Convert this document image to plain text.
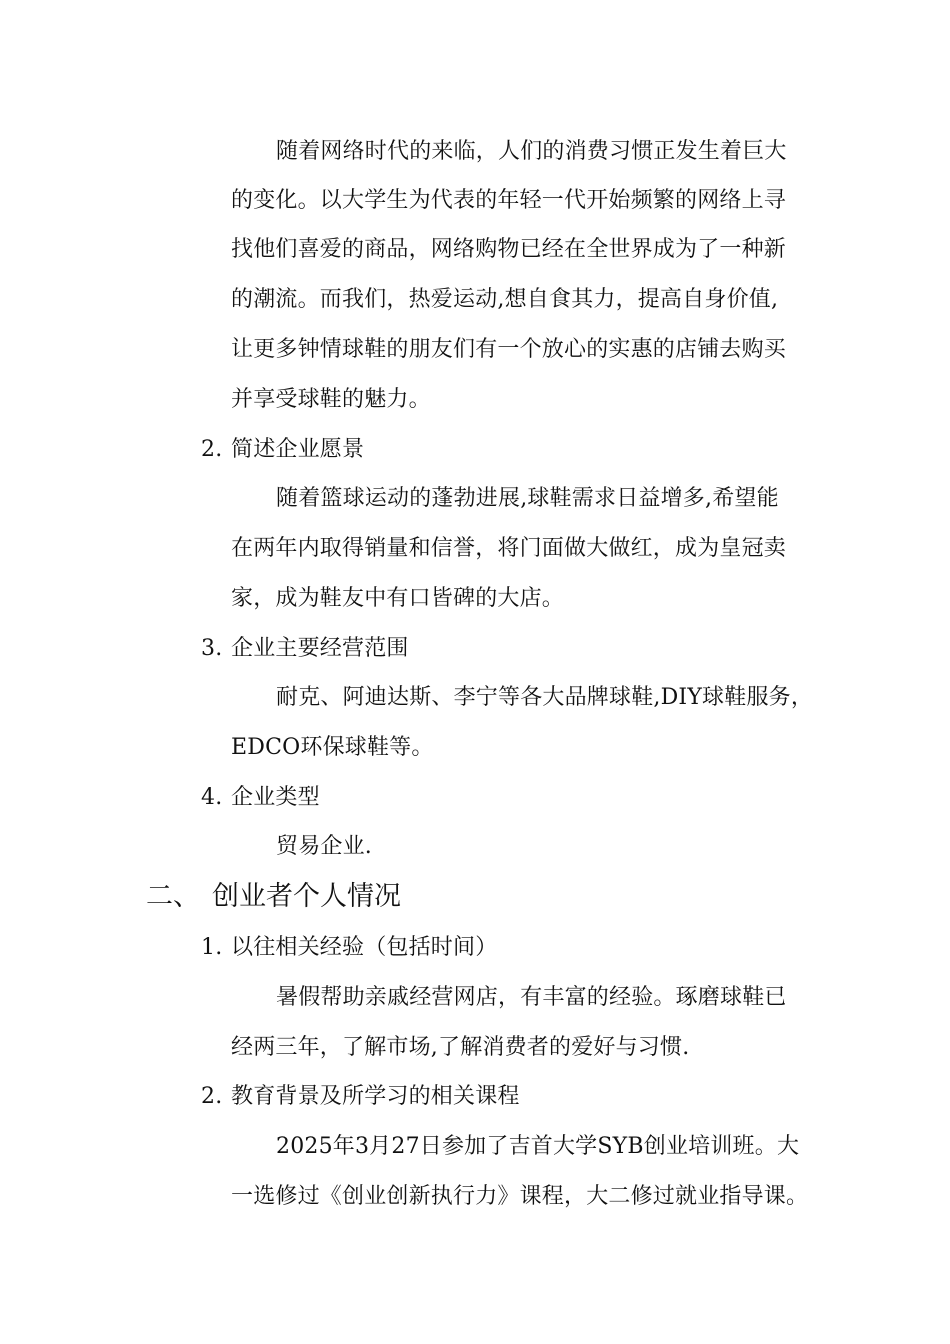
随着网络时代的来临，人们的消费习惯正发生着巨大
的变化。以大学生为代表的年轻一代开始频繁的网络上寻
找他们喜爱的商品，网络购物已经在全世界成为了一种新
的潮流。而我们，热爱运动,想自食其力，提高自身价值,
让更多钟情球鞋的朋友们有一个放心的实惠的店铺去购买
并享受球鞋的魅力。
2. 简述企业愿景
随着篮球运动的蓬勃进展,球鞋需求日益增多,希望能
在两年内取得销量和信誉，将门面做大做红，成为皇冠卖
家，成为鞋友中有口皆碑的大店。
3. 企业主要经营范围
耐克、阿迪达斯、李宁等各大品牌球鞋,DIY球鞋服务，
EDCO环保球鞋等。
4. 企业类型
贸易企业.
二、 创业者个人情况
1. 以往相关经验（包括时间）
暑假帮助亲戚经营网店，有丰富的经验。琢磨球鞋已
经两三年，了解市场,了解消费者的爱好与习惯.
2. 教育背景及所学习的相关课程
2025年3月27日参加了吉首大学SYB创业培训班。大
一选修过《创业创新执行力》课程，大二修过就业指导课。
